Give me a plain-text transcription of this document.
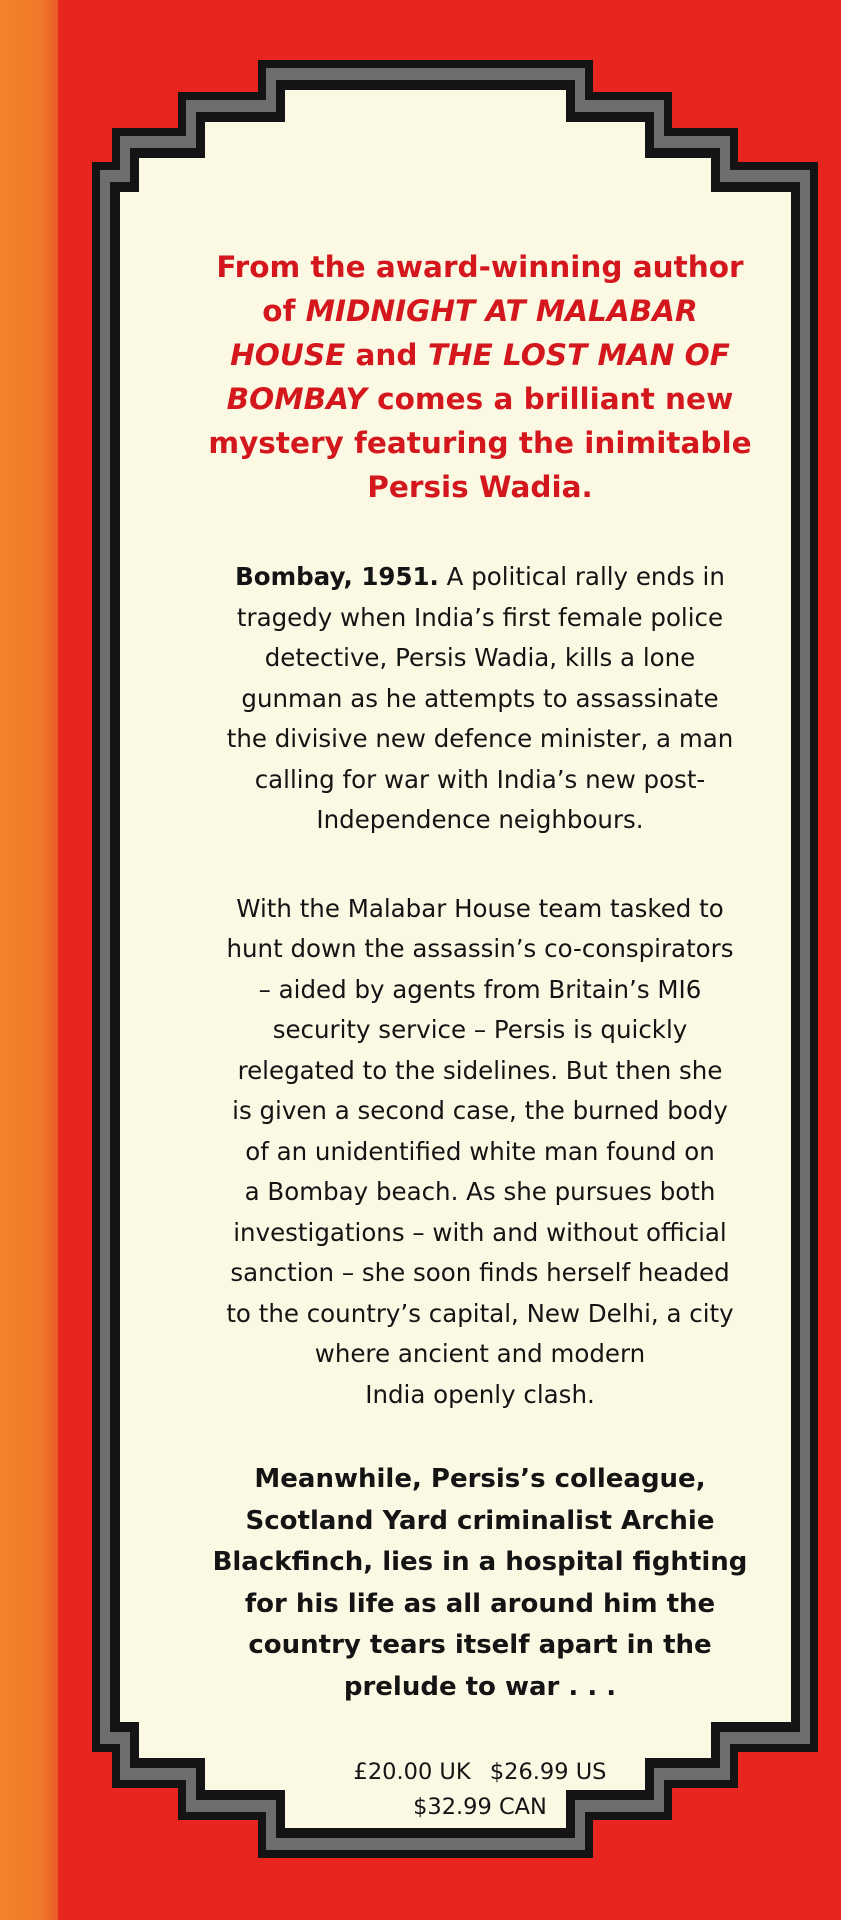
From the award-winning author
of MIDNIGHT AT MALABAR
HOUSE and THE LOST MAN OF
BOMBAY comes a brilliant new
mystery featuring the inimitable
Persis Wadia.

Bombay, 1951. A political rally ends in
tragedy when India’s first female police
detective, Persis Wadia, kills a lone
gunman as he attempts to assassinate
the divisive new defence minister, a man
calling for war with India’s new post-
Independence neighbours.

With the Malabar House team tasked to
hunt down the assassin’s co-conspirators
– aided by agents from Britain’s MI6
security service – Persis is quickly
relegated to the sidelines. But then she
is given a second case, the burned body
of an unidentified white man found on
a Bombay beach. As she pursues both
investigations – with and without official
sanction – she soon finds herself headed
to the country’s capital, New Delhi, a city
where ancient and modern
India openly clash.

Meanwhile, Persis’s colleague,
Scotland Yard criminalist Archie
Blackfinch, lies in a hospital fighting
for his life as all around him the
country tears itself apart in the
prelude to war . . .

£20.00 UK $26.99 US
$32.99 CAN
